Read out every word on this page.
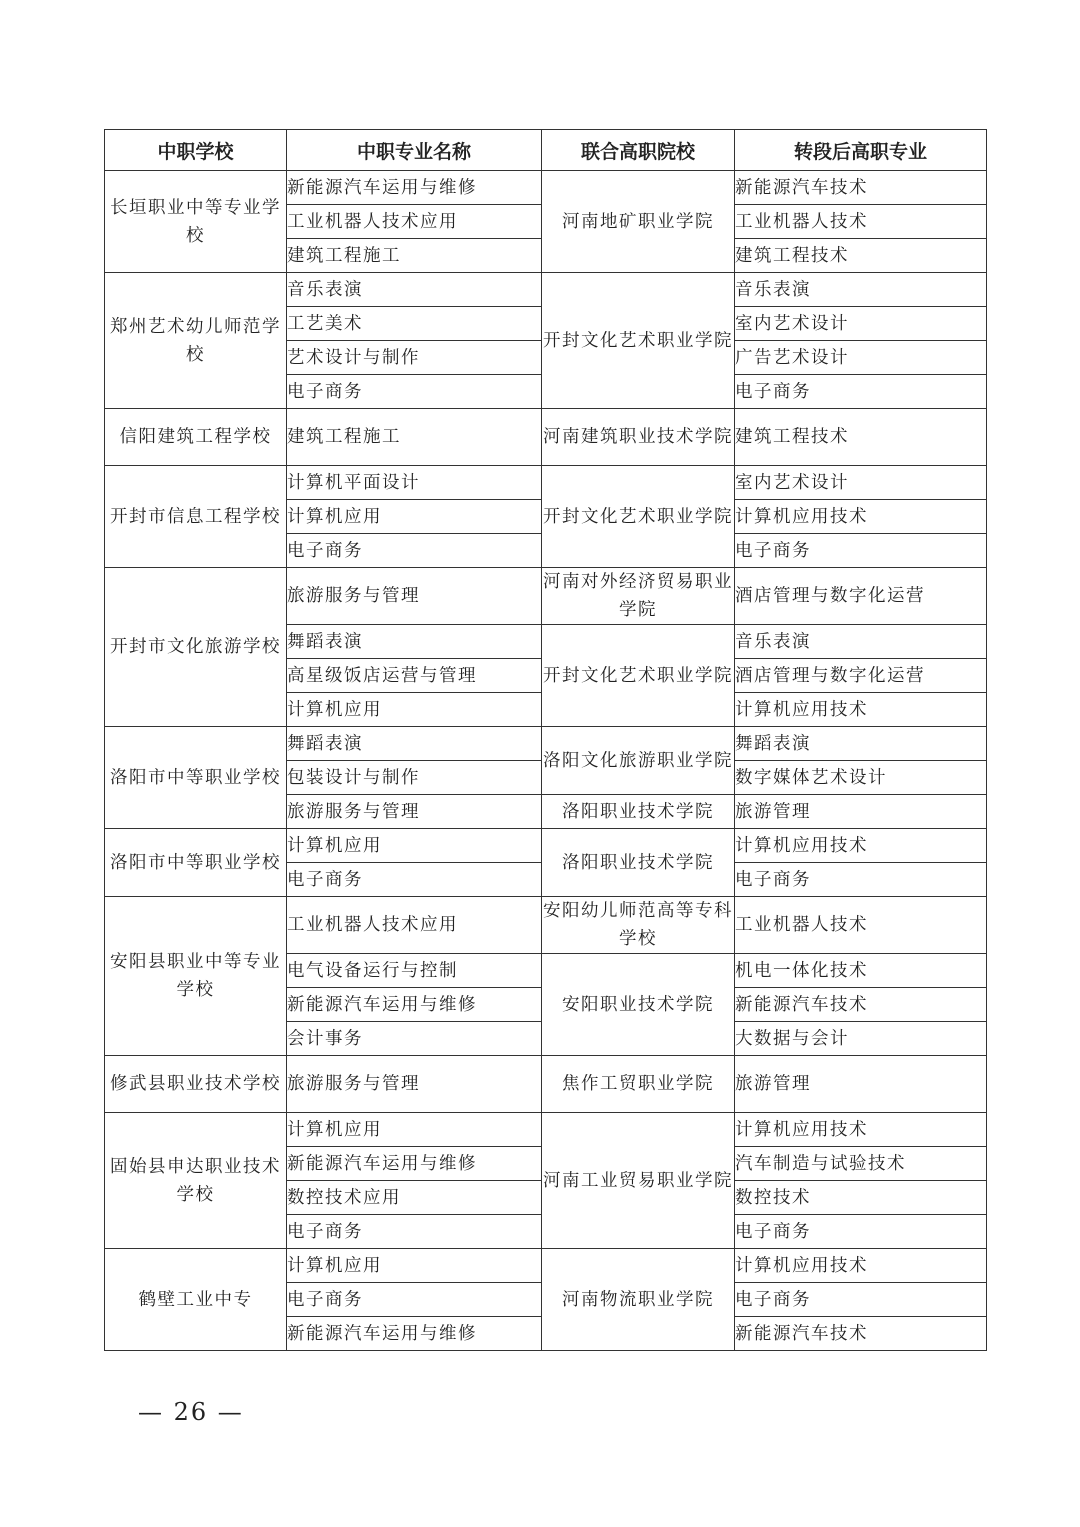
中职学校	中职专业名称	联合高职院校	转段后高职专业
长垣职业中等专业学校	新能源汽车运用与维修	河南地矿职业学院	新能源汽车技术
	工业机器人技术应用		工业机器人技术
	建筑工程施工		建筑工程技术
郑州艺术幼儿师范学校	音乐表演	开封文化艺术职业学院	音乐表演
	工艺美术		室内艺术设计
	艺术设计与制作		广告艺术设计
	电子商务		电子商务
信阳建筑工程学校	建筑工程施工	河南建筑职业技术学院	建筑工程技术
开封市信息工程学校	计算机平面设计	开封文化艺术职业学院	室内艺术设计
	计算机应用		计算机应用技术
	电子商务		电子商务
开封市文化旅游学校	旅游服务与管理	河南对外经济贸易职业学院	酒店管理与数字化运营
	舞蹈表演	开封文化艺术职业学院	音乐表演
	高星级饭店运营与管理		酒店管理与数字化运营
	计算机应用		计算机应用技术
洛阳市中等职业学校	舞蹈表演	洛阳文化旅游职业学院	舞蹈表演
	包装设计与制作		数字媒体艺术设计
	旅游服务与管理	洛阳职业技术学院	旅游管理
洛阳市中等职业学校	计算机应用	洛阳职业技术学院	计算机应用技术
	电子商务		电子商务
安阳县职业中等专业学校	工业机器人技术应用	安阳幼儿师范高等专科学校	工业机器人技术
	电气设备运行与控制	安阳职业技术学院	机电一体化技术
	新能源汽车运用与维修		新能源汽车技术
	会计事务		大数据与会计
修武县职业技术学校	旅游服务与管理	焦作工贸职业学院	旅游管理
固始县申达职业技术学校	计算机应用	河南工业贸易职业学院	计算机应用技术
	新能源汽车运用与维修		汽车制造与试验技术
	数控技术应用		数控技术
	电子商务		电子商务
鹤壁工业中专	计算机应用	河南物流职业学院	计算机应用技术
	电子商务		电子商务
	新能源汽车运用与维修		新能源汽车技术
— 26 —
